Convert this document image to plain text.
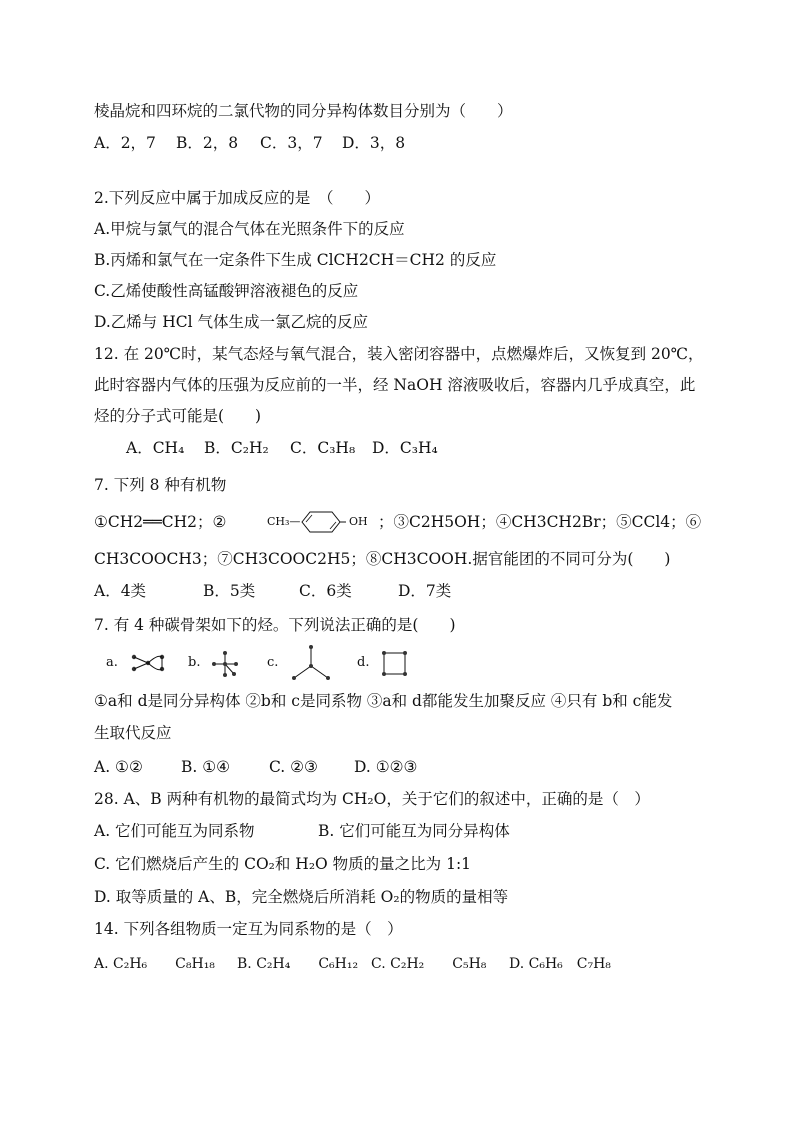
棱晶烷和四环烷的二氯代物的同分异构体数目分别为（　　）
A．2，7 B．2，8 C．3，7 D．3，8
2.下列反应中属于加成反应的是　（　　）
A.甲烷与氯气的混合气体在光照条件下的反应
B.丙烯和氯气在一定条件下生成 ClCH2CH＝CH2 的反应
C.乙烯使酸性高锰酸钾溶液褪色的反应
D.乙烯与 HCl 气体生成一氯乙烷的反应
12. 在 20℃时，某气态烃与氧气混合，装入密闭容器中，点燃爆炸后，又恢复到 20℃，
此时容器内气体的压强为反应前的一半，经 NaOH 溶液吸收后，容器内几乎成真空，此
烃的分子式可能是(　　)
A．CH₄ B．C₂H₂ C．C₃H₈ D．C₃H₄
7. 下列 8 种有机物
①CH2══CH2；②	CH₃—	OH ；③C2H5OH；④CH3CH2Br；⑤CCl4；⑥
CH3COOCH3；⑦CH3COOC2H5；⑧CH3COOH.据官能团的不同可分为(　　)
A．4类	B．5类	C．6类	D．7类
7. 有 4 种碳骨架如下的烃。下列说法正确的是(　　)
a.	b.	c.	d.
①a和 d是同分异构体 ②b和 c是同系物 ③a和 d都能发生加聚反应 ④只有 b和 c能发
生取代反应
A. ①② B. ①④	C. ②③ D. ①②③
28. A、B 两种有机物的最简式均为 CH₂O，关于它们的叙述中，正确的是（　）
A. 它们可能互为同系物	B. 它们可能互为同分异构体
C. 它们燃烧后产生的 CO₂和 H₂O 物质的量之比为 1:1
D. 取等质量的 A、B，完全燃烧后所消耗 O₂的物质的量相等
14. 下列各组物质一定互为同系物的是（　）
A. C₂H₆　　C₈H₁₈ B. C₂H₄　　C₆H₁₂ C. C₂H₂　　C₅H₈ D. C₆H₆　C₇H₈
